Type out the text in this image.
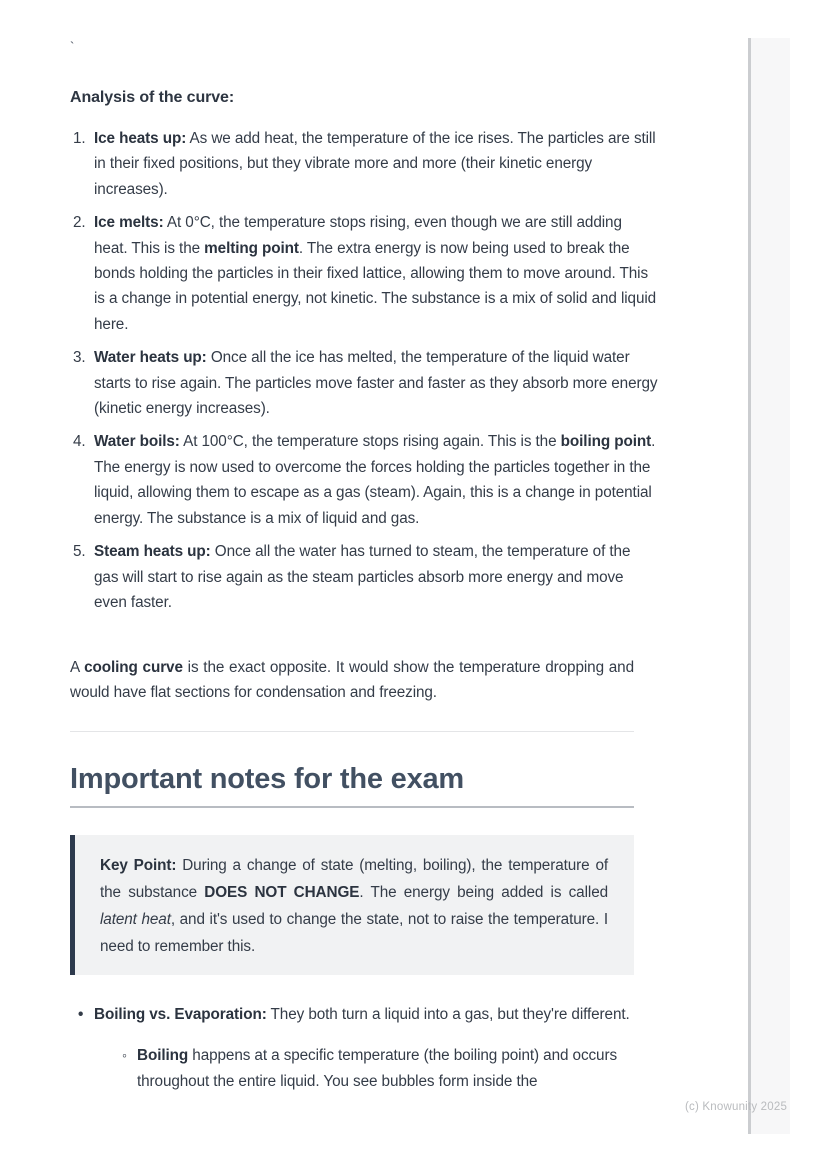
`
Analysis of the curve:
Ice heats up: As we add heat, the temperature of the ice rises. The particles are still in their fixed positions, but they vibrate more and more (their kinetic energy increases).
Ice melts: At 0°C, the temperature stops rising, even though we are still adding heat. This is the melting point. The extra energy is now being used to break the bonds holding the particles in their fixed lattice, allowing them to move around. This is a change in potential energy, not kinetic. The substance is a mix of solid and liquid here.
Water heats up: Once all the ice has melted, the temperature of the liquid water starts to rise again. The particles move faster and faster as they absorb more energy (kinetic energy increases).
Water boils: At 100°C, the temperature stops rising again. This is the boiling point. The energy is now used to overcome the forces holding the particles together in the liquid, allowing them to escape as a gas (steam). Again, this is a change in potential energy. The substance is a mix of liquid and gas.
Steam heats up: Once all the water has turned to steam, the temperature of the gas will start to rise again as the steam particles absorb more energy and move even faster.

A cooling curve is the exact opposite. It would show the temperature dropping and would have flat sections for condensation and freezing.

Important notes for the exam

Key Point: During a change of state (melting, boiling), the temperature of the substance DOES NOT CHANGE. The energy being added is called latent heat, and it's used to change the state, not to raise the temperature. I need to remember this.

• Boiling vs. Evaporation: They both turn a liquid into a gas, but they're different.
◦ Boiling happens at a specific temperature (the boiling point) and occurs throughout the entire liquid. You see bubbles form inside the
(c) Knowunity 2025
